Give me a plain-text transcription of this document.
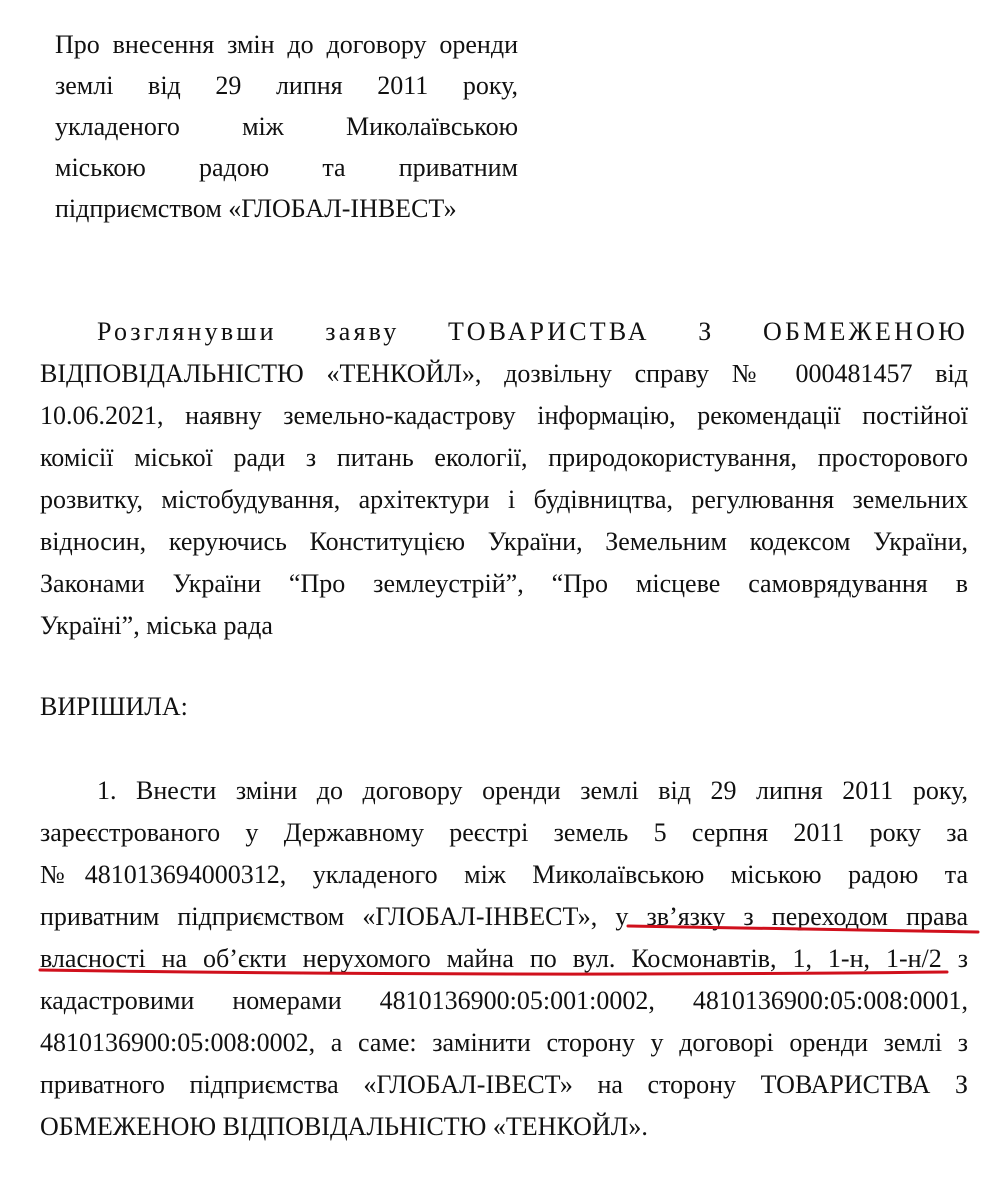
Про внесення змін до договору оренди
землі від 29 липня 2011 року,
укладеного між Миколаївською
міською радою та приватним
підприємством «ГЛОБАЛ-ІНВЕСТ»
Розглянувши заяву ТОВАРИСТВА З ОБМЕЖЕНОЮ
ВІДПОВІДАЛЬНІСТЮ «ТЕНКОЙЛ», дозвільну справу № 000481457 від
10.06.2021, наявну земельно-кадастрову інформацію, рекомендації постійної
комісії міської ради з питань екології, природокористування, просторового
розвитку, містобудування, архітектури і будівництва, регулювання земельних
відносин, керуючись Конституцією України, Земельним кодексом України,
Законами України “Про землеустрій”, “Про місцеве самоврядування в
Україні”, міська рада
ВИРІШИЛА:
1. Внести зміни до договору оренди землі від 29 липня 2011 року,
зареєстрованого у Державному реєстрі земель 5 серпня 2011 року за
№481013694000312, укладеного між Миколаївською міською радою та
приватним підприємством «ГЛОБАЛ-ІНВЕСТ», у зв’язку з переходом права
власності на об’єкти нерухомого майна по вул. Космонавтів, 1, 1-н, 1-н/2 з
кадастровими номерами 4810136900:05:001:0002, 4810136900:05:008:0001,
4810136900:05:008:0002, а саме: замінити сторону у договорі оренди землі з
приватного підприємства «ГЛОБАЛ-ІВЕСТ» на сторону ТОВАРИСТВА З
ОБМЕЖЕНОЮ ВІДПОВІДАЛЬНІСТЮ «ТЕНКОЙЛ».
